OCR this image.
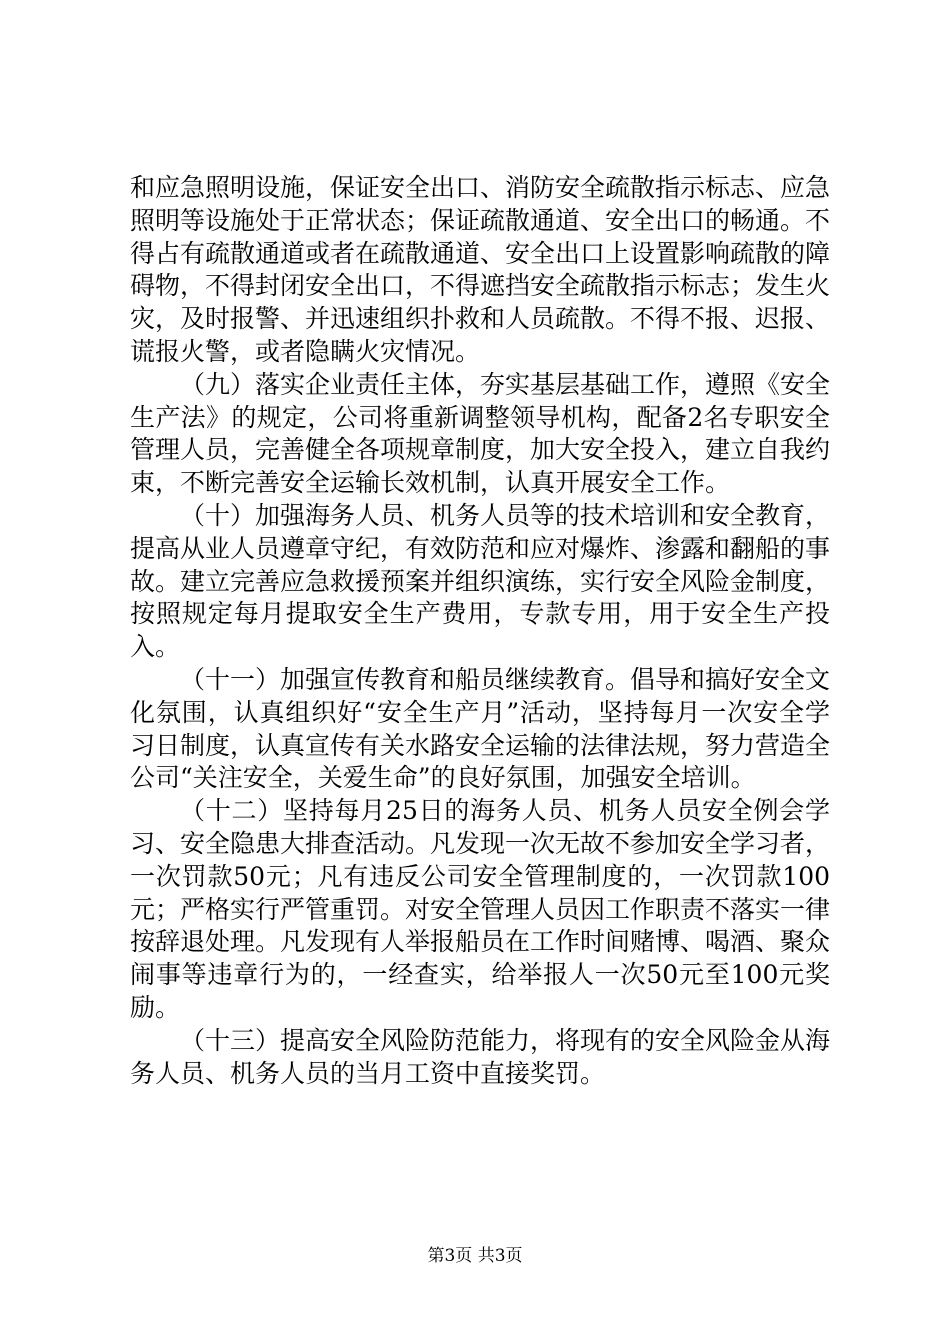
和应急照明设施，保证安全出口、消防安全疏散指示标志、应急照明等设施处于正常状态；保证疏散通道、安全出口的畅通。不得占有疏散通道或者在疏散通道、安全出口上设置影响疏散的障碍物，不得封闭安全出口，不得遮挡安全疏散指示标志；发生火灾，及时报警、并迅速组织扑救和人员疏散。不得不报、迟报、谎报火警，或者隐瞒火灾情况。

（九）落实企业责任主体，夯实基层基础工作，遵照《安全生产法》的规定，公司将重新调整领导机构，配备2名专职安全管理人员，完善健全各项规章制度，加大安全投入，建立自我约束，不断完善安全运输长效机制，认真开展安全工作。

（十）加强海务人员、机务人员等的技术培训和安全教育，提高从业人员遵章守纪，有效防范和应对爆炸、渗露和翻船的事故。建立完善应急救援预案并组织演练，实行安全风险金制度，按照规定每月提取安全生产费用，专款专用，用于安全生产投入。

（十一）加强宣传教育和船员继续教育。倡导和搞好安全文化氛围，认真组织好“安全生产月”活动，坚持每月一次安全学习日制度，认真宣传有关水路安全运输的法律法规，努力营造全公司“关注安全，关爱生命”的良好氛围，加强安全培训。

（十二）坚持每月25日的海务人员、机务人员安全例会学习、安全隐患大排查活动。凡发现一次无故不参加安全学习者，一次罚款50元；凡有违反公司安全管理制度的，一次罚款100元；严格实行严管重罚。对安全管理人员因工作职责不落实一律按辞退处理。凡发现有人举报船员在工作时间赌博、喝酒、聚众闹事等违章行为的，一经查实，给举报人一次50元至100元奖励。

（十三）提高安全风险防范能力，将现有的安全风险金从海务人员、机务人员的当月工资中直接奖罚。

第3页 共3页
